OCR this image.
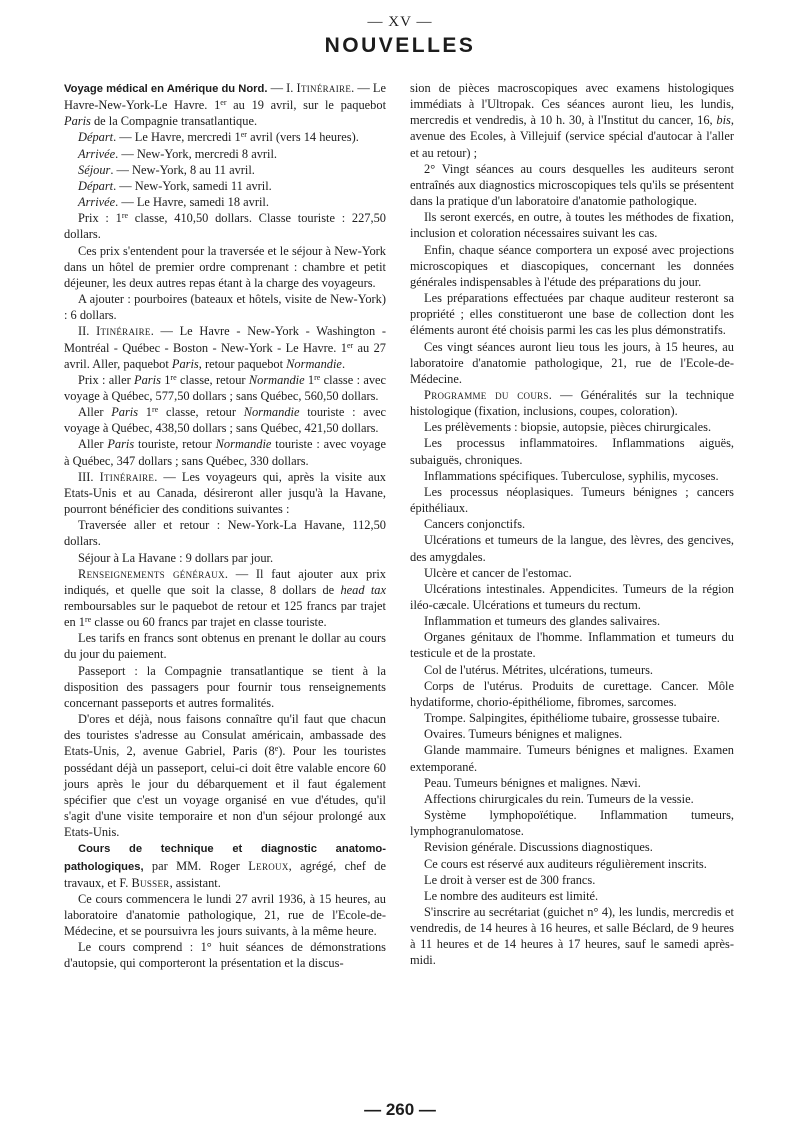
— XV —
NOUVELLES

Voyage médical en Amérique du Nord. — I. Itinéraire. — Le Havre-New-York-Le Havre. 1er au 19 avril, sur le paquebot Paris de la Compagnie transatlantique.

Départ. — Le Havre, mercredi 1er avril (vers 14 heures).

Arrivée. — New-York, mercredi 8 avril.

Séjour. — New-York, 8 au 11 avril.

Départ. — New-York, samedi 11 avril.

Arrivée. — Le Havre, samedi 18 avril.

Prix : 1re classe, 410,50 dollars. Classe touriste : 227,50 dollars.

Ces prix s'entendent pour la traversée et le séjour à New-York dans un hôtel de premier ordre comprenant : chambre et petit déjeuner, les deux autres repas étant à la charge des voyageurs.

A ajouter : pourboires (bateaux et hôtels, visite de New-York) : 6 dollars.

II. Itinéraire. — Le Havre - New-York - Washington - Montréal - Québec - Boston - New-York - Le Havre. 1er au 27 avril. Aller, paquebot Paris, retour paquebot Normandie.

Prix : aller Paris 1re classe, retour Normandie 1re classe : avec voyage à Québec, 577,50 dollars ; sans Québec, 560,50 dollars.

Aller Paris 1re classe, retour Normandie touriste : avec voyage à Québec, 438,50 dollars ; sans Québec, 421,50 dollars.

Aller Paris touriste, retour Normandie touriste : avec voyage à Québec, 347 dollars ; sans Québec, 330 dollars.

III. Itinéraire. — Les voyageurs qui, après la visite aux Etats-Unis et au Canada, désireront aller jusqu'à la Havane, pourront bénéficier des conditions suivantes :

Traversée aller et retour : New-York-La Havane, 112,50 dollars.

Séjour à La Havane : 9 dollars par jour.

Renseignements généraux. — Il faut ajouter aux prix indiqués, et quelle que soit la classe, 8 dollars de head tax remboursables sur le paquebot de retour et 125 francs par trajet en 1re classe ou 60 francs par trajet en classe touriste.

Les tarifs en francs sont obtenus en prenant le dollar au cours du jour du paiement.

Passeport : la Compagnie transatlantique se tient à la disposition des passagers pour fournir tous renseignements concernant passeports et autres formalités.

D'ores et déjà, nous faisons connaître qu'il faut que chacun des touristes s'adresse au Consulat américain, ambassade des Etats-Unis, 2, avenue Gabriel, Paris (8e). Pour les touristes possédant déjà un passeport, celui-ci doit être valable encore 60 jours après le jour du débarquement et il faut également spécifier que c'est un voyage organisé en vue d'études, qu'il s'agit d'une visite temporaire et non d'un séjour prolongé aux Etats-Unis.

Cours de technique et diagnostic anatomo-pathologiques, par MM. Roger Leroux, agrégé, chef de travaux, et F. Busser, assistant.

Ce cours commencera le lundi 27 avril 1936, à 15 heures, au laboratoire d'anatomie pathologique, 21, rue de l'Ecole-de-Médecine, et se poursuivra les jours suivants, à la même heure.

Le cours comprend : 1° huit séances de démonstrations d'autopsie, qui comporteront la présentation et la discus-

sion de pièces macroscopiques avec examens histologiques immédiats à l'Ultropak. Ces séances auront lieu, les lundis, mercredis et vendredis, à 10 h. 30, à l'Institut du cancer, 16, bis, avenue des Ecoles, à Villejuif (service spécial d'autocar à l'aller et au retour) ;

2° Vingt séances au cours desquelles les auditeurs seront entraînés aux diagnostics microscopiques tels qu'ils se présentent dans la pratique d'un laboratoire d'anatomie pathologique.

Ils seront exercés, en outre, à toutes les méthodes de fixation, inclusion et coloration nécessaires suivant les cas.

Enfin, chaque séance comportera un exposé avec projections microscopiques et diascopiques, concernant les données générales indispensables à l'étude des préparations du jour.

Les préparations effectuées par chaque auditeur resteront sa propriété ; elles constitueront une base de collection dont les éléments auront été choisis parmi les cas les plus démonstratifs.

Ces vingt séances auront lieu tous les jours, à 15 heures, au laboratoire d'anatomie pathologique, 21, rue de l'Ecole-de-Médecine.

Programme du cours. — Généralités sur la technique histologique (fixation, inclusions, coupes, coloration).

Les prélèvements : biopsie, autopsie, pièces chirurgicales.

Les processus inflammatoires. Inflammations aiguës, subaiguës, chroniques.

Inflammations spécifiques. Tuberculose, syphilis, mycoses.

Les processus néoplasiques. Tumeurs bénignes ; cancers épithéliaux.

Cancers conjonctifs.

Ulcérations et tumeurs de la langue, des lèvres, des gencives, des amygdales.

Ulcère et cancer de l'estomac.

Ulcérations intestinales. Appendicites. Tumeurs de la région iléo-cæcale. Ulcérations et tumeurs du rectum.

Inflammation et tumeurs des glandes salivaires.

Organes génitaux de l'homme. Inflammation et tumeurs du testicule et de la prostate.

Col de l'utérus. Métrites, ulcérations, tumeurs.

Corps de l'utérus. Produits de curettage. Cancer. Môle hydatiforme, chorio-épithéliome, fibromes, sarcomes.

Trompe. Salpingites, épithéliome tubaire, grossesse tubaire.

Ovaires. Tumeurs bénignes et malignes.

Glande mammaire. Tumeurs bénignes et malignes. Examen extemporané.

Peau. Tumeurs bénignes et malignes. Nævi.

Affections chirurgicales du rein. Tumeurs de la vessie.

Système lymphopoïétique. Inflammation tumeurs, lymphogranulomatose.

Revision générale. Discussions diagnostiques.

Ce cours est réservé aux auditeurs régulièrement inscrits.

Le droit à verser est de 300 francs.

Le nombre des auditeurs est limité.

S'inscrire au secrétariat (guichet n° 4), les lundis, mercredis et vendredis, de 14 heures à 16 heures, et salle Béclard, de 9 heures à 11 heures et de 14 heures à 17 heures, sauf le samedi après-midi.

— 260 —
